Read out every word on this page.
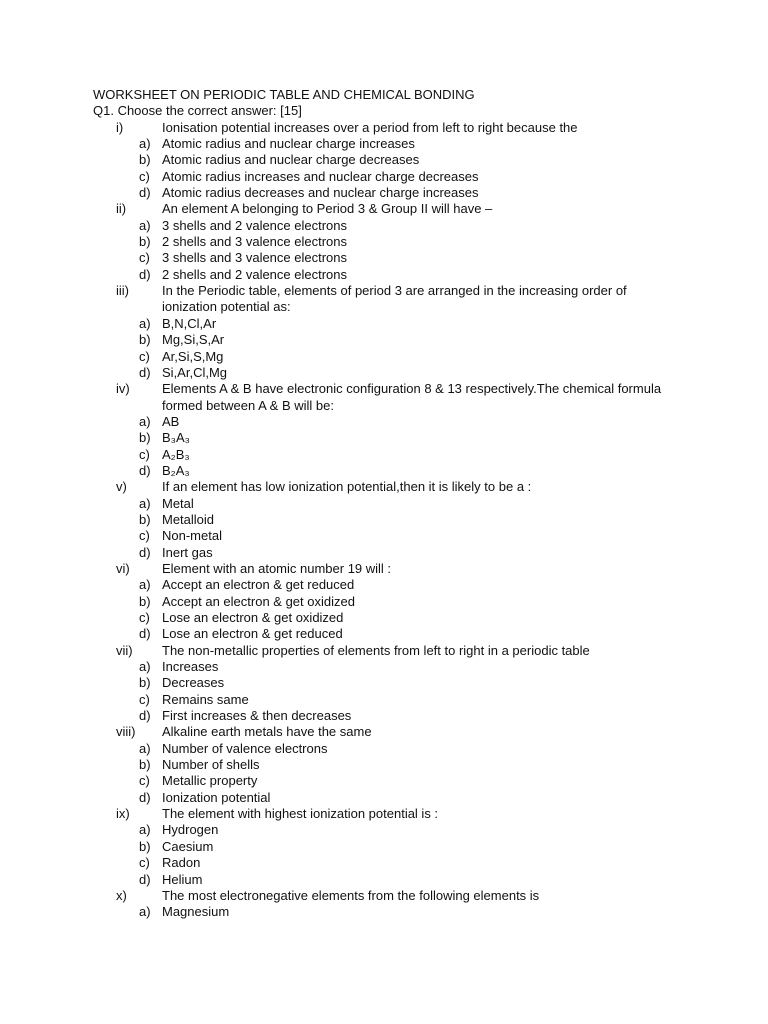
WORKSHEET ON PERIODIC TABLE AND CHEMICAL BONDING
Q1. Choose the correct answer: [15]
i)	Ionisation potential increases over a period from left to right because the
a) Atomic radius and nuclear charge increases
b) Atomic radius and nuclear charge decreases
c) Atomic radius increases and nuclear charge decreases
d) Atomic radius decreases and nuclear charge increases
ii)	An element A belonging to Period 3 & Group II will have –
a) 3 shells and 2 valence electrons
b) 2 shells and 3 valence electrons
c) 3 shells and 3 valence electrons
d) 2 shells and 2 valence electrons
iii)	In the Periodic table, elements of period 3 are arranged in the increasing order of
ionization potential as:
a) B,N,Cl,Ar
b) Mg,Si,S,Ar
c) Ar,Si,S,Mg
d) Si,Ar,Cl,Mg
iv) Elements A & B have electronic configuration 8 & 13 respectively.The chemical formula
formed between A & B will be:
a) AB
b) B₃A₃
c) A₂B₃
d) B₂A₃
v)	If an element has low ionization potential,then it is likely to be a :
a) Metal
b) Metalloid
c) Non-metal
d) Inert gas
vi) Element with an atomic number 19 will :
a) Accept an electron & get reduced
b) Accept an electron & get oxidized
c) Lose an electron & get oxidized
d) Lose an electron & get reduced
vii) The non-metallic properties of elements from left to right in a periodic table
a) Increases
b) Decreases
c) Remains same
d) First increases & then decreases
viii) Alkaline earth metals have the same
a) Number of valence electrons
b) Number of shells
c) Metallic property
d) Ionization potential
ix) The element with highest ionization potential is :
a) Hydrogen
b) Caesium
c) Radon
d) Helium
x)	The most electronegative elements from the following elements is
a) Magnesium
